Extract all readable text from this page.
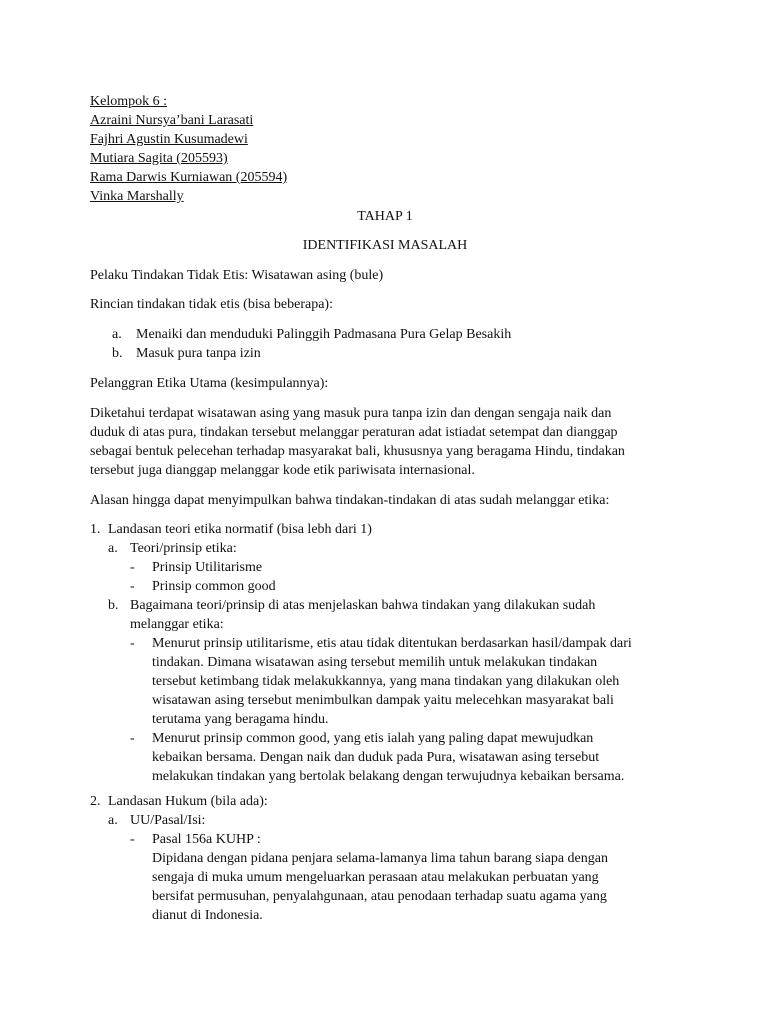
Kelompok 6 :
Azraini Nursya’bani Larasati
Fajhri Agustin Kusumadewi
Mutiara Sagita (205593)
Rama Darwis Kurniawan (205594)
Vinka Marshally
TAHAP 1
IDENTIFIKASI MASALAH
Pelaku Tindakan Tidak Etis: Wisatawan asing (bule)
Rincian tindakan tidak etis (bisa beberapa):
a.	Menaiki dan menduduki Palinggih Padmasana Pura Gelap Besakih
b. Masuk pura tanpa izin
Pelanggran Etika Utama (kesimpulannya):
Diketahui terdapat wisatawan asing yang masuk pura tanpa izin dan dengan sengaja naik dan
duduk di atas pura, tindakan tersebut melanggar peraturan adat istiadat setempat dan dianggap
sebagai bentuk pelecehan terhadap masyarakat bali, khususnya yang beragama Hindu, tindakan
tersebut juga dianggap melanggar kode etik pariwisata internasional.
Alasan hingga dapat menyimpulkan bahwa tindakan-tindakan di atas sudah melanggar etika:
1. Landasan teori etika normatif (bisa lebh dari 1)
a. Teori/prinsip etika:
-	Prinsip Utilitarisme
-	Prinsip common good
b. Bagaimana teori/prinsip di atas menjelaskan bahwa tindakan yang dilakukan sudah
melanggar etika:
-	Menurut prinsip utilitarisme, etis atau tidak ditentukan berdasarkan hasil/dampak dari
tindakan. Dimana wisatawan asing tersebut memilih untuk melakukan tindakan
tersebut ketimbang tidak melakukkannya, yang mana tindakan yang dilakukan oleh
wisatawan asing tersebut menimbulkan dampak yaitu melecehkan masyarakat bali
terutama yang beragama hindu.
-	Menurut prinsip common good, yang etis ialah yang paling dapat mewujudkan
kebaikan bersama. Dengan naik dan duduk pada Pura, wisatawan asing tersebut
melakukan tindakan yang bertolak belakang dengan terwujudnya kebaikan bersama.
2. Landasan Hukum (bila ada):
a. UU/Pasal/Isi:
-	Pasal 156a KUHP :
Dipidana dengan pidana penjara selama-lamanya lima tahun barang siapa dengan
sengaja di muka umum mengeluarkan perasaan atau melakukan perbuatan yang
bersifat permusuhan, penyalahgunaan, atau penodaan terhadap suatu agama yang
dianut di Indonesia.
